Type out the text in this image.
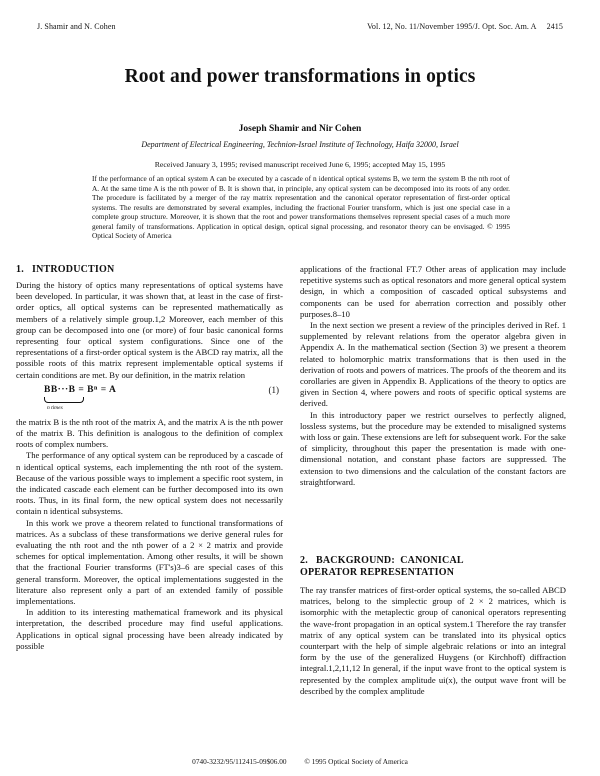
J. Shamir and N. Cohen	Vol. 12, No. 11/November 1995/J. Opt. Soc. Am. A     2415
Root and power transformations in optics
Joseph Shamir and Nir Cohen
Department of Electrical Engineering, Technion-Israel Institute of Technology, Haifa 32000, Israel
Received January 3, 1995; revised manuscript received June 6, 1995; accepted May 15, 1995
If the performance of an optical system A can be executed by a cascade of n identical optical systems B, we term the system B the nth root of A. At the same time A is the nth power of B. It is shown that, in principle, any optical system can be decomposed into its roots of any order. The procedure is facilitated by a merger of the ray matrix representation and the canonical operator representation of first-order optical systems. The results are demonstrated by several examples, including the fractional Fourier transform, which is just one special case in a complete group structure. Moreover, it is shown that the root and power transformations themselves represent special cases of a much more general family of transformations. Application in optical design, optical signal processing, and resonator theory can be envisaged. © 1995 Optical Society of America
1.   INTRODUCTION

During the history of optics many representations of optical systems have been developed. In particular, it was shown that, at least in the case of first-order optics, all optical systems can be represented mathematically as members of a relatively simple group.1,2 Moreover, each member of this group can be decomposed into one (or more) of four basic canonical forms representing four optical system configurations. Since one of the representations of a first-order optical system is the ABCD ray matrix, all the possible roots of this matrix represent implementable optical systems if certain conditions are met. By our definition, in the matrix relation

BB···B = Bⁿ = A
n times
(1)

the matrix B is the nth root of the matrix A, and the matrix A is the nth power of the matrix B. This definition is analogous to the definition of complex roots of complex numbers.

The performance of any optical system can be reproduced by a cascade of n identical optical systems, each implementing the nth root of the system. Because of the various possible ways to implement a specific root system, in the indicated cascade each element can be further decomposed into its own roots. Thus, in its final form, the new optical system does not necessarily contain n identical subsystems.

In this work we prove a theorem related to functional transformations of matrices. As a subclass of these transformations we derive general rules for evaluating the nth root and the nth power of a 2 × 2 matrix and provide schemes for optical implementation. Among other results, it will be shown that the fractional Fourier transforms (FT's)3–6 are special cases of this general transform. Moreover, the optical implementations suggested in the literature also represent only a part of an extended family of possible implementations.

In addition to its interesting mathematical framework and its physical interpretation, the described procedure may find useful applications. Applications in optical signal processing have been already indicated by possible

applications of the fractional FT.7 Other areas of application may include repetitive systems such as optical resonators and more general optical system design, in which a composition of cascaded optical subsystems and components can be used for aberration correction and possibly other purposes.8–10

In the next section we present a review of the principles derived in Ref. 1 supplemented by relevant relations from the operator algebra given in Appendix A. In the mathematical section (Section 3) we present a theorem related to holomorphic matrix transformations that is then used in the derivation of roots and powers of matrices. The proofs of the theorem and its corollaries are given in Appendix B. Applications of the theory to optics are given in Section 4, where powers and roots of specific optical systems are derived.

In this introductory paper we restrict ourselves to perfectly aligned, lossless systems, but the procedure may be extended to misaligned systems with loss or gain. These extensions are left for subsequent work. For the sake of simplicity, throughout this paper the presentation is made with one-dimensional notation, and constant phase factors are suppressed. The extension to two dimensions and the calculation of the constant factors are straightforward.

2.   BACKGROUND:  CANONICAL
OPERATOR REPRESENTATION

The ray transfer matrices of first-order optical systems, the so-called ABCD matrices, belong to the simplectic group of 2 × 2 matrices, which is isomorphic with the metaplectic group of canonical operators representing the wave-front propagation in an optical system.1 Therefore the ray transfer matrix of any optical system can be translated into its physical optics counterpart with the help of simple algebraic relations or into an integral form by the use of the generalized Huygens (or Kirchhoff) diffraction integral.1,2,11,12 In general, if the input wave front to the optical system is represented by the complex amplitude ui(x), the output wave front will be described by the complex amplitude

0740-3232/95/112415-09$06.00 © 1995 Optical Society of America
